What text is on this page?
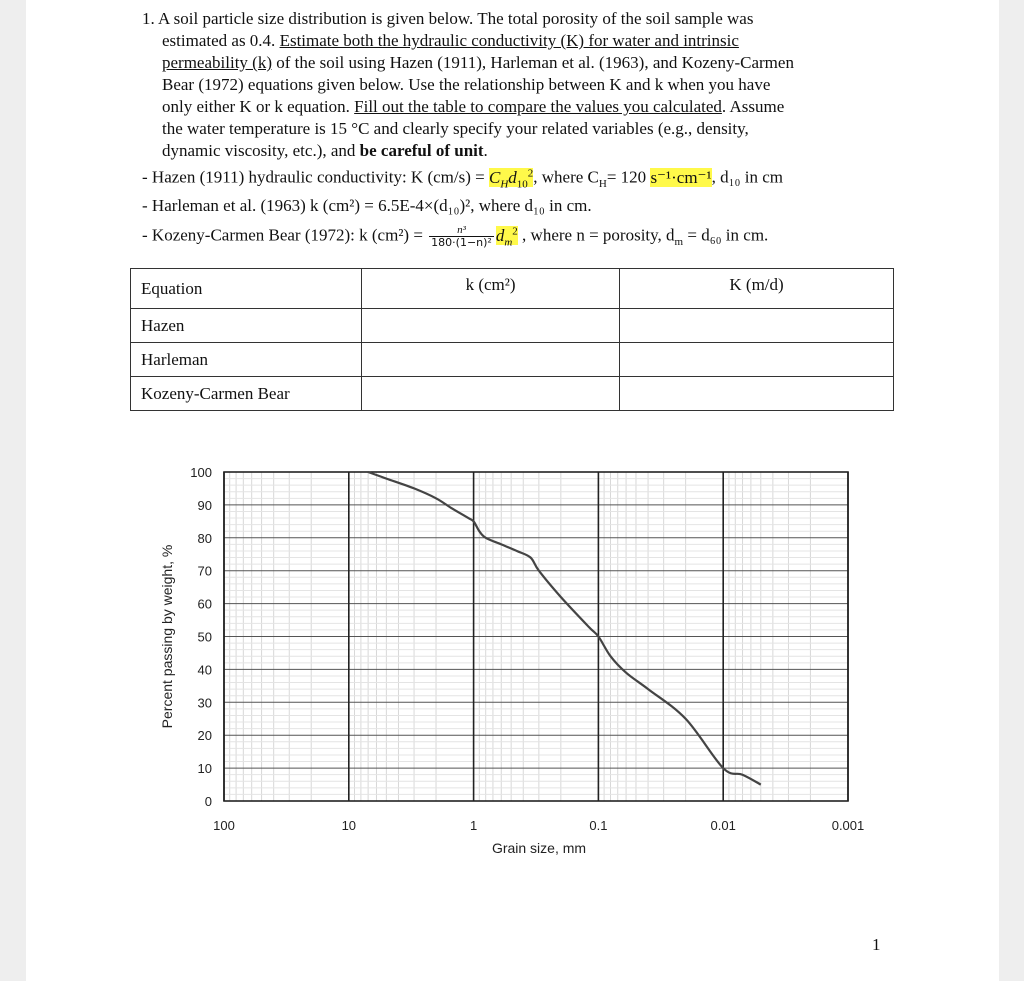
1. A soil particle size distribution is given below. The total porosity of the soil sample was

estimated as 0.4. Estimate both the hydraulic conductivity (K) for water and intrinsic

permeability (k) of the soil using Hazen (1911), Harleman et al. (1963), and Kozeny-Carmen

Bear (1972) equations given below. Use the relationship between K and k when you have

only either K or k equation. Fill out the table to compare the values you calculated. Assume

the water temperature is 15 °C and clearly specify your related variables (e.g., density,

dynamic viscosity, etc.), and be careful of unit.

- Hazen (1911) hydraulic conductivity: K $(cm/s) = C_Hd_{10}^2$, where $C_H= 120$ s⁻¹·cm⁻¹, d₁₀ in cm

- Harleman et al. (1963) k (cm²) = 6.5E-4×(d₁₀)², where d₁₀ in cm.

- Kozeny-Carmen Bear (1972): k $(cm^2) = \frac{\text{n³}}{\text{180·(1−n)²}} d_m^2$ , where n = porosity, $d_m = d_{60}$ in cm.

Equation	k (cm²)	K (m/d)
Hazen		
Harleman		
Kozeny-Carmen Bear		
0
10
20
30
40
50
60
70
80
90
100
100	10	1	0.1	0.01	0.001
Grain size, mm
Percent passing by weight, %
1
